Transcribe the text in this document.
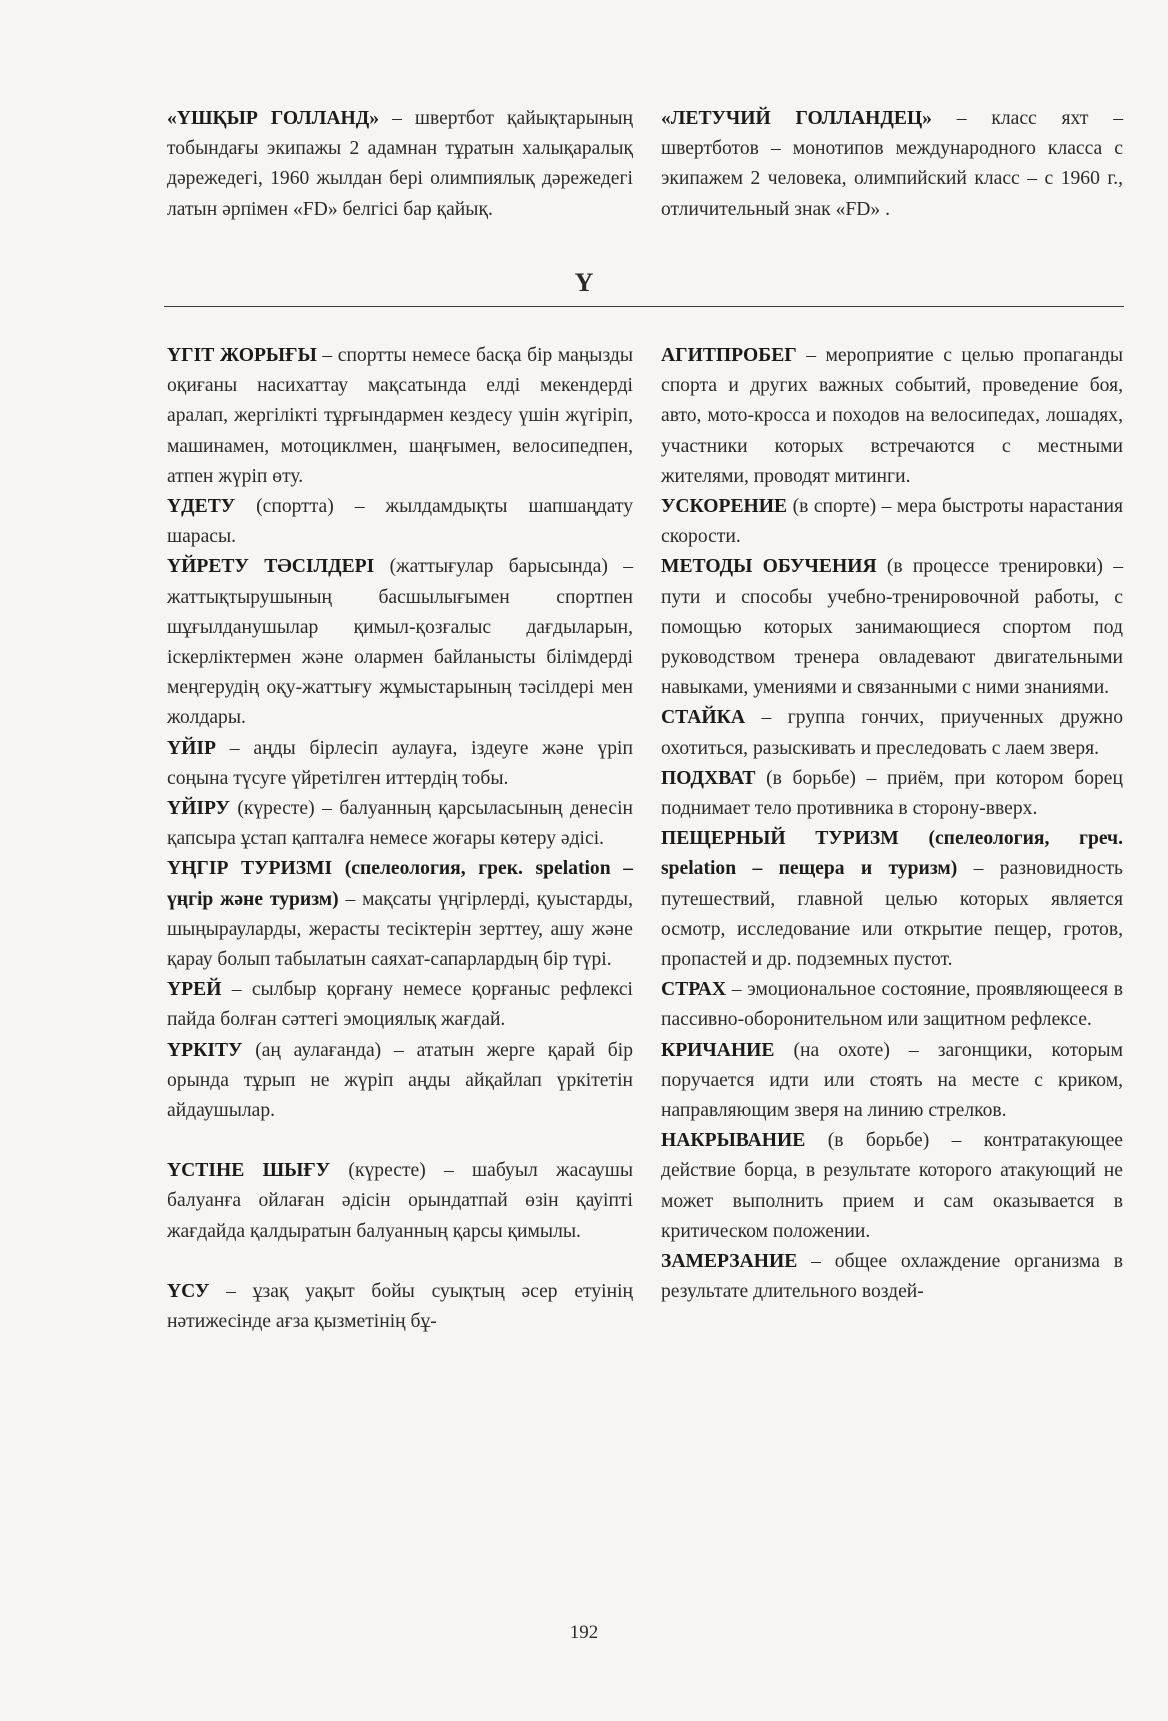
«ҮШҚЫР ГОЛЛАНД» – швертбот қайықтарының тобындағы экипажы 2 адамнан тұратын халықаралық дәрежедегі, 1960 жылдан бері олимпиялық дәрежедегі латын әрпімен «FD» белгісі бар қайық.

«ЛЕТУЧИЙ ГОЛЛАНДЕЦ» – класс яхт – швертботов – монотипов международного класса с экипажем 2 человека, олимпийский класс – с 1960 г., отличительный знак «FD» .

Ү

ҮГІТ ЖОРЫҒЫ – спортты немесе басқа бір маңызды оқиғаны насихаттау мақсатында елді мекендерді аралап, жергілікті тұрғындармен кездесу үшін жүгіріп, машинамен, мотоциклмен, шаңғымен, велосипедпен, атпен жүріп өту.

ҮДЕТУ (спортта) – жылдамдықты шапшаңдату шарасы.

ҮЙРЕТУ ТӘСІЛДЕРІ (жаттығулар барысында) – жаттықтырушының басшылығымен спортпен шұғылданушылар қимыл-қозғалыс дағдыларын, іскерліктермен және олармен байланысты білімдерді меңгерудің оқу-жаттығу жұмыстарының тәсілдері мен жолдары.

ҮЙІР – аңды бірлесіп аулауға, іздеуге және үріп соңына түсуге үйретілген иттердің тобы.

ҮЙІРУ (күресте) – балуанның қарсыласының денесін қапсыра ұстап қапталға немесе жоғары көтеру әдісі.

ҮҢГІР ТУРИЗМІ (спелеология, грек. spelation – үңгір және туризм) – мақсаты үңгірлерді, қуыстарды, шыңырауларды, жерасты тесіктерін зерттеу, ашу және қарау болып табылатын саяхат-сапарлардың бір түрі.

ҮРЕЙ – сылбыр қорғану немесе қорғаныс рефлексі пайда болған сәттегі эмоциялық жағдай.

ҮРКІТУ (аң аулағанда) – ататын жерге қарай бір орында тұрып не жүріп аңды айқайлап үркітетін айдаушылар.

ҮСТІНЕ ШЫҒУ (күресте) – шабуыл жасаушы балуанға ойлаған әдісін орындатпай өзін қауіпті жағдайда қалдыратын балуанның қарсы қимылы.

ҮСУ – ұзақ уақыт бойы суықтың әсер етуінің нәтижесінде ағза қызметінің бұ-

АГИТПРОБЕГ – мероприятие с целью пропаганды спорта и других важных событий, проведение боя, авто, мото-кросса и походов на велосипедах, лошадях, участники которых встречаются с местными жителями, проводят митинги.

УСКОРЕНИЕ (в спорте) – мера быстроты нарастания скорости.

МЕТОДЫ ОБУЧЕНИЯ (в процессе тренировки) – пути и способы учебно-тренировочной работы, с помощью которых занимающиеся спортом под руководством тренера овладевают двигательными навыками, умениями и связанными с ними знаниями.

СТАЙКА – группа гончих, приученных дружно охотиться, разыскивать и преследовать с лаем зверя.

ПОДХВАТ (в борьбе) – приём, при котором борец поднимает тело противника в сторону-вверх.

ПЕЩЕРНЫЙ ТУРИЗМ (спелеология, греч. spelation – пещера и туризм) – разновидность путешествий, главной целью которых является осмотр, исследование или открытие пещер, гротов, пропастей и др. подземных пустот.

СТРАХ – эмоциональное состояние, проявляющееся в пассивно-оборонительном или защитном рефлексе.

КРИЧАНИЕ (на охоте) – загонщики, которым поручается идти или стоять на месте с криком, направляющим зверя на линию стрелков.

НАКРЫВАНИЕ (в борьбе) – контратакующее действие борца, в результате которого атакующий не может выполнить прием и сам оказывается в критическом положении.

ЗАМЕРЗАНИЕ – общее охлаждение организма в результате длительного воздей-

192
